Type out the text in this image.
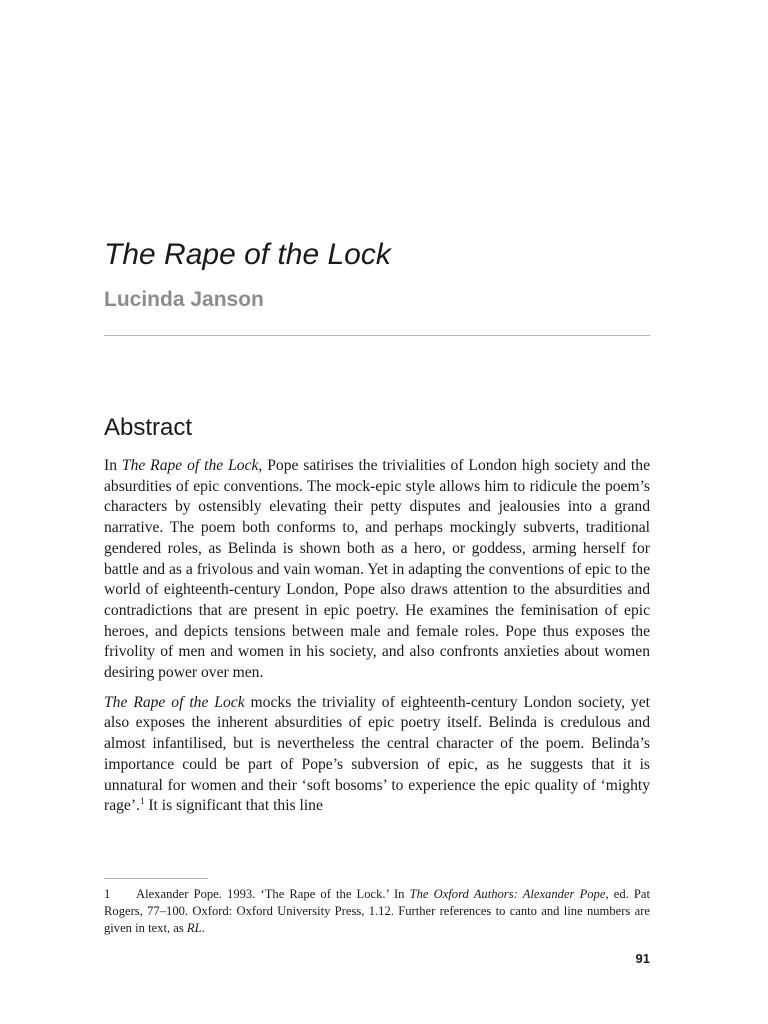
The Rape of the Lock
Lucinda Janson
Abstract

In The Rape of the Lock, Pope satirises the trivialities of London high society and the absurdities of epic conventions. The mock-epic style allows him to ridicule the poem’s characters by ostensibly elevating their petty disputes and jealousies into a grand narrative. The poem both conforms to, and perhaps mockingly subverts, traditional gendered roles, as Belinda is shown both as a hero, or goddess, arming herself for battle and as a frivolous and vain woman. Yet in adapting the conventions of epic to the world of eighteenth-century London, Pope also draws attention to the absurdities and contradictions that are present in epic poetry. He examines the feminisation of epic heroes, and depicts tensions between male and female roles. Pope thus exposes the frivolity of men and women in his society, and also confronts anxieties about women desiring power over men.

The Rape of the Lock mocks the triviality of eighteenth-century London society, yet also exposes the inherent absurdities of epic poetry itself. Belinda is credulous and almost infantilised, but is nevertheless the central character of the poem. Belinda’s importance could be part of Pope’s subversion of epic, as he suggests that it is unnatural for women and their ‘soft bosoms’ to experience the epic quality of ‘mighty rage’.$^1$ It is significant that this line

1 Alexander Pope. 1993. ‘The Rape of the Lock.’ In The Oxford Authors: Alexander Pope, ed. Pat Rogers, 77–100. Oxford: Oxford University Press, 1.12. Further references to canto and line numbers are given in text, as RL.

91
